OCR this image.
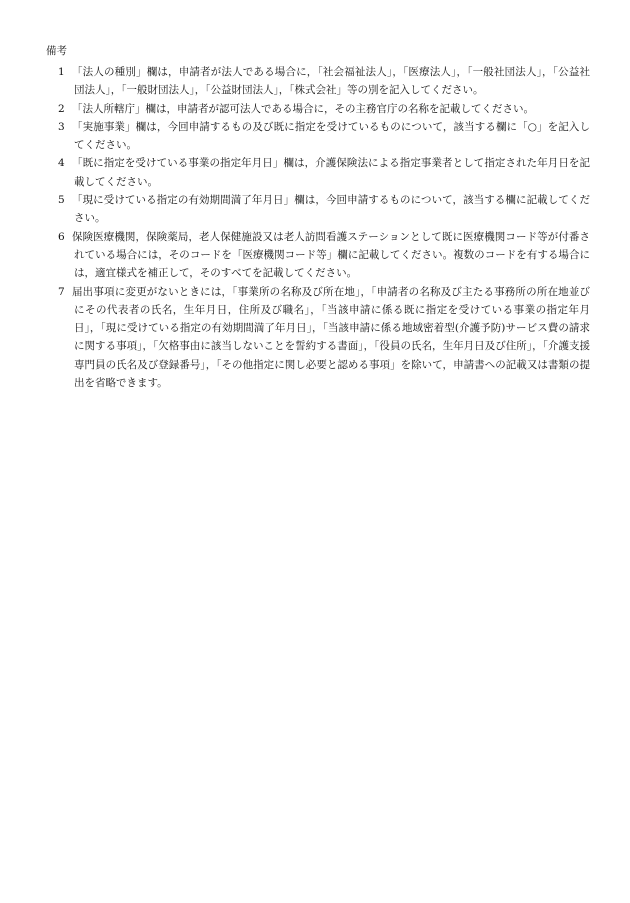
備考
1 「法人の種別」欄は，申請者が法人である場合に，「社会福祉法人」，「医療法人」，「一般社団法人」，「公益社団法人」，「一般財団法人」，「公益財団法人」，「株式会社」等の別を記入してください。
2 「法人所轄庁」欄は，申請者が認可法人である場合に，その主務官庁の名称を記載してください。
3 「実施事業」欄は，今回申請するもの及び既に指定を受けているものについて，該当する欄に「○」を記入してください。
4 「既に指定を受けている事業の指定年月日」欄は，介護保険法による指定事業者として指定された年月日を記載してください。
5 「現に受けている指定の有効期間満了年月日」欄は，今回申請するものについて，該当する欄に記載してください。
6 保険医療機関，保険薬局，老人保健施設又は老人訪問看護ステーションとして既に医療機関コード等が付番されている場合には，そのコードを「医療機関コード等」欄に記載してください。複数のコードを有する場合には，適宜様式を補正して，そのすべてを記載してください。
7 届出事項に変更がないときには，「事業所の名称及び所在地」，「申請者の名称及び主たる事務所の所在地並びにその代表者の氏名，生年月日，住所及び職名」，「当該申請に係る既に指定を受けている事業の指定年月日」，「現に受けている指定の有効期間満了年月日」，「当該申請に係る地域密着型(介護予防)サービス費の請求に関する事項」，「欠格事由に該当しないことを誓約する書面」，「役員の氏名，生年月日及び住所」，「介護支援専門員の氏名及び登録番号」，「その他指定に関し必要と認める事項」を除いて，申請書への記載又は書類の提出を省略できます。
